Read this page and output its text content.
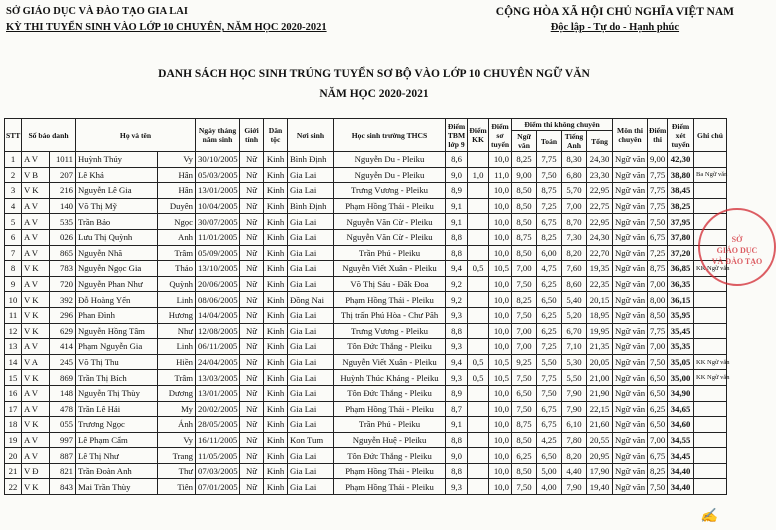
SỞ GIÁO DỤC VÀ ĐÀO TẠO GIA LAI
KỲ THI TUYỂN SINH VÀO LỚP 10 CHUYÊN, NĂM HỌC 2020-2021
CỘNG HÒA XÃ HỘI CHỦ NGHĨA VIỆT NAM
Độc lập - Tự do - Hạnh phúc
DANH SÁCH HỌC SINH TRÚNG TUYỂN SƠ BỘ VÀO LỚP 10 CHUYÊN NGỮ VĂN
NĂM HỌC 2020-2021
STT	Số báo danh		Họ và tên		Ngày tháng năm sinh	Giới tính	Dân tộc	Nơi sinh	Học sinh trường THCS	Điểm TBM lớp 9	Điểm KK	Điểm sơ tuyển	Điểm thi không chuyên				Môn thi chuyên	Điểm thi	Điểm xét tuyển	Ghi chú
													Ngữ văn	Toán	Tiếng Anh	Tổng				
1	A V	1011	Huỳnh Thúy	Vy	30/10/2005	Nữ	Kinh	Bình Định	Nguyễn Du - Pleiku	8,6		10,0	8,25	7,75	8,30	24,30	Ngữ văn	9,00	42,30	
2	V B	207	Lê Khả	Hân	05/03/2005	Nữ	Kinh	Gia Lai	Nguyễn Du - Pleiku	9,0	1,0	11,0	9,00	7,50	6,80	23,30	Ngữ văn	7,75	38,80	Ba Ngữ văn
3	V K	216	Nguyễn Lê Gia	Hân	13/01/2005	Nữ	Kinh	Gia Lai	Trưng Vương - Pleiku	8,9		10,0	8,50	8,75	5,70	22,95	Ngữ văn	7,75	38,45	
4	A V	140	Võ Thị Mỹ	Duyên	10/04/2005	Nữ	Kinh	Bình Định	Phạm Hồng Thái - Pleiku	9,1		10,0	8,50	7,25	7,00	22,75	Ngữ văn	7,75	38,25	
5	A V	535	Trần Bảo	Ngọc	30/07/2005	Nữ	Kinh	Gia Lai	Nguyễn Văn Cừ - Pleiku	9,1		10,0	8,50	6,75	8,70	22,95	Ngữ văn	7,50	37,95	
6	A V	026	Lưu Thị Quỳnh	Anh	11/01/2005	Nữ	Kinh	Gia Lai	Nguyễn Văn Cừ - Pleiku	8,8		10,0	8,75	8,25	7,30	24,30	Ngữ văn	6,75	37,80	
7	A V	865	Nguyễn Nhã	Trâm	05/09/2005	Nữ	Kinh	Gia Lai	Trần Phú - Pleiku	8,8		10,0	8,50	6,00	8,20	22,70	Ngữ văn	7,25	37,20	
8	V K	783	Nguyễn Ngọc Gia	Thảo	13/10/2005	Nữ	Kinh	Gia Lai	Nguyễn Viết Xuân - Pleiku	9,4	0,5	10,5	7,00	4,75	7,60	19,35	Ngữ văn	8,75	36,85	KK Ngữ văn
9	A V	720	Nguyễn Phan Như	Quỳnh	20/06/2005	Nữ	Kinh	Gia Lai	Võ Thị Sáu - Đăk Đoa	9,2		10,0	7,50	6,25	8,60	22,35	Ngữ văn	7,00	36,35	
10	V K	392	Đỗ Hoàng Yến	Linh	08/06/2005	Nữ	Kinh	Đồng Nai	Phạm Hồng Thái - Pleiku	9,2		10,0	8,25	6,50	5,40	20,15	Ngữ văn	8,00	36,15	
11	V K	296	Phan Đình	Hương	14/04/2005	Nữ	Kinh	Gia Lai	Thị trấn Phú Hòa - Chư Păh	9,3		10,0	7,50	6,25	5,20	18,95	Ngữ văn	8,50	35,95	
12	V K	629	Nguyễn Hồng Tâm	Như	12/08/2005	Nữ	Kinh	Gia Lai	Trưng Vương - Pleiku	8,8		10,0	7,00	6,25	6,70	19,95	Ngữ văn	7,75	35,45	
13	A V	414	Phạm Nguyễn Gia	Linh	06/11/2005	Nữ	Kinh	Gia Lai	Tôn Đức Thắng - Pleiku	9,3		10,0	7,00	7,25	7,10	21,35	Ngữ văn	7,00	35,35	
14	V A	245	Võ Thị Thu	Hiền	24/04/2005	Nữ	Kinh	Gia Lai	Nguyễn Viết Xuân - Pleiku	9,4	0,5	10,5	9,25	5,50	5,30	20,05	Ngữ văn	7,50	35,05	KK Ngữ văn
15	V K	869	Trần Thị Bích	Trâm	13/03/2005	Nữ	Kinh	Gia Lai	Huỳnh Thúc Kháng - Pleiku	9,3	0,5	10,5	7,50	7,75	5,50	21,00	Ngữ văn	6,50	35,00	KK Ngữ văn
16	A V	148	Nguyễn Thị Thùy	Dương	13/01/2005	Nữ	Kinh	Gia Lai	Tôn Đức Thắng - Pleiku	8,9		10,0	6,50	7,50	7,90	21,90	Ngữ văn	6,50	34,90	
17	A V	478	Trần Lê Hải	My	20/02/2005	Nữ	Kinh	Gia Lai	Phạm Hồng Thái - Pleiku	8,7		10,0	7,50	6,75	7,90	22,15	Ngữ văn	6,25	34,65	
18	V K	055	Trương Ngọc	Ánh	28/05/2005	Nữ	Kinh	Gia Lai	Trần Phú - Pleiku	9,1		10,0	8,75	6,75	6,10	21,60	Ngữ văn	6,50	34,60	
19	A V	997	Lê Phạm Cẩm	Vy	16/11/2005	Nữ	Kinh	Kon Tum	Nguyễn Huệ - Pleiku	8,8		10,0	8,50	4,25	7,80	20,55	Ngữ văn	7,00	34,55	
20	A V	887	Lê Thị Như	Trang	11/05/2005	Nữ	Kinh	Gia Lai	Tôn Đức Thắng - Pleiku	9,0		10,0	6,25	6,50	8,20	20,95	Ngữ văn	6,75	34,45	
21	V Đ	821	Trần Đoàn Anh	Thư	07/03/2005	Nữ	Kinh	Gia Lai	Phạm Hồng Thái - Pleiku	8,8		10,0	8,50	5,00	4,40	17,90	Ngữ văn	8,25	34,40	
22	V K	843	Mai Trần Thùy	Tiên	07/01/2005	Nữ	Kinh	Gia Lai	Phạm Hồng Thái - Pleiku	9,3		10,0	7,50	4,00	7,90	19,40	Ngữ văn	7,50	34,40	
SỞ
GIÁO DỤC
VÀ ĐÀO TẠO
✍
